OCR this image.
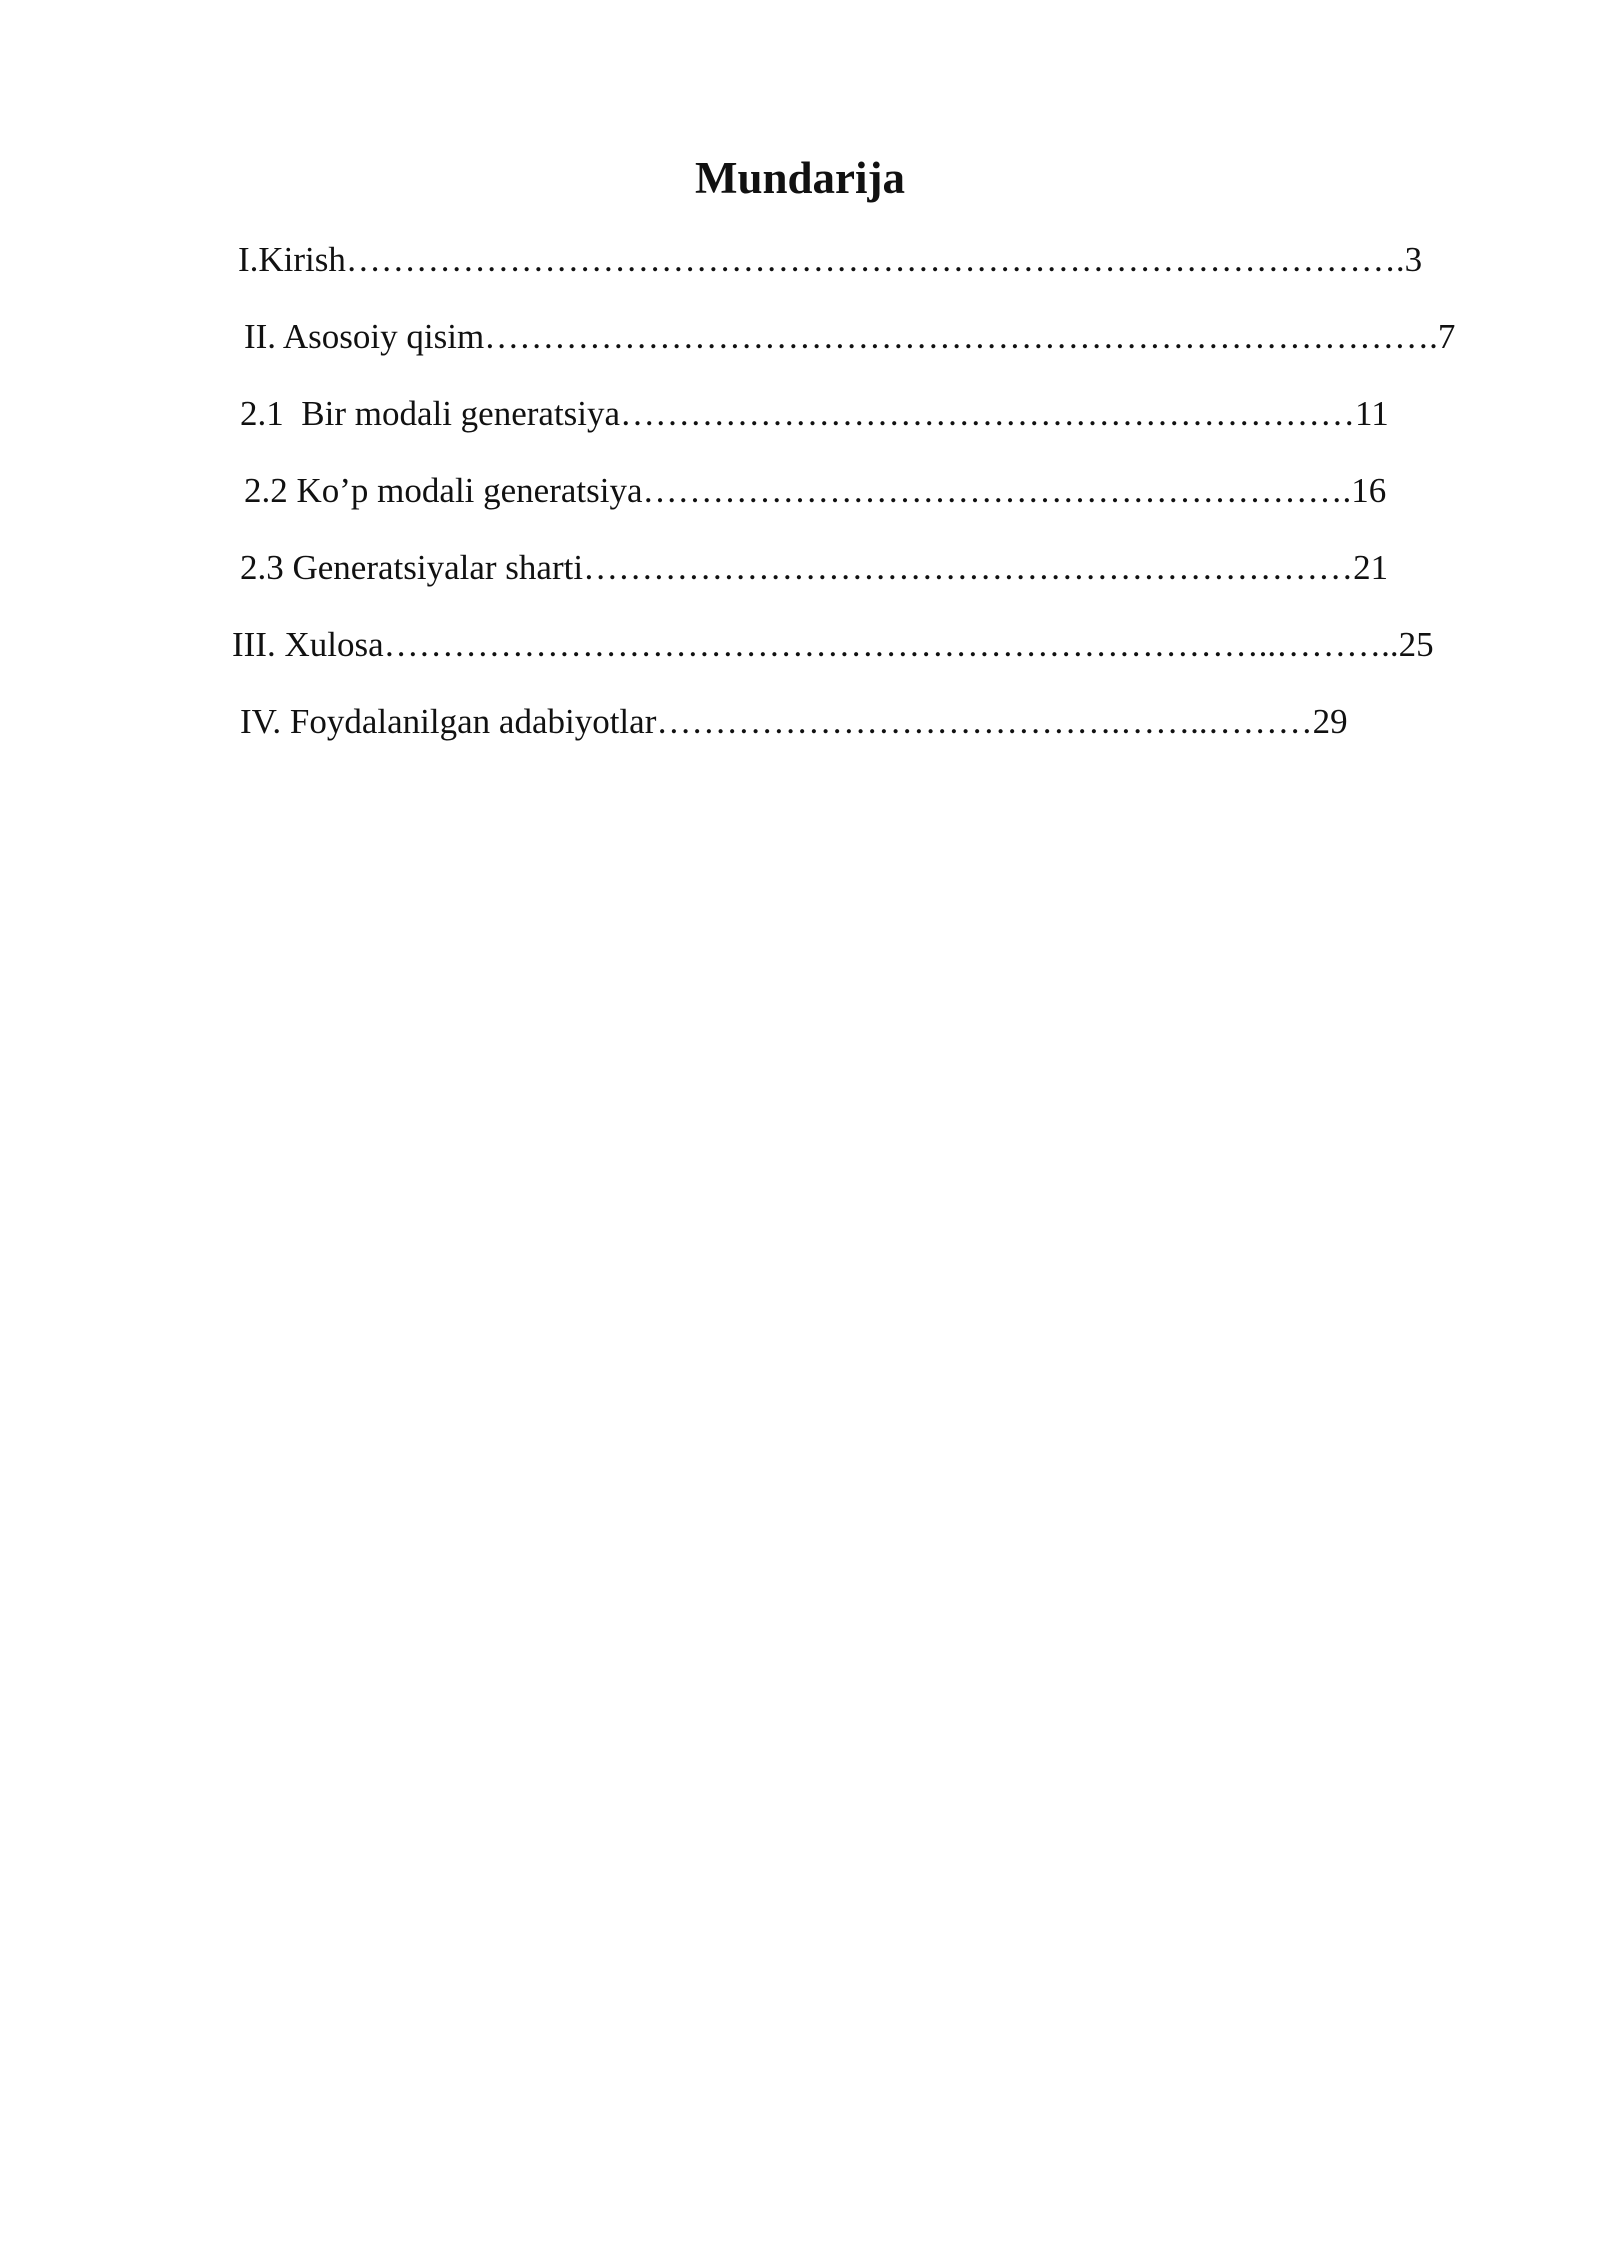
Mundarija
I.Kirish……………………………………………………………………………….3
II. Asosoiy qisim……………………………………………………………………….7
2.1  Bir modali generatsiya………………………………………………………11
2.2 Ko’p modali generatsiya…………………………………………………….16
2.3 Generatsiyalar sharti…………………………………………………………21
III. Xulosa…………………………………………………………………..………..25
IV. Foydalanilgan adabiyotlar………………………………….……..………29
